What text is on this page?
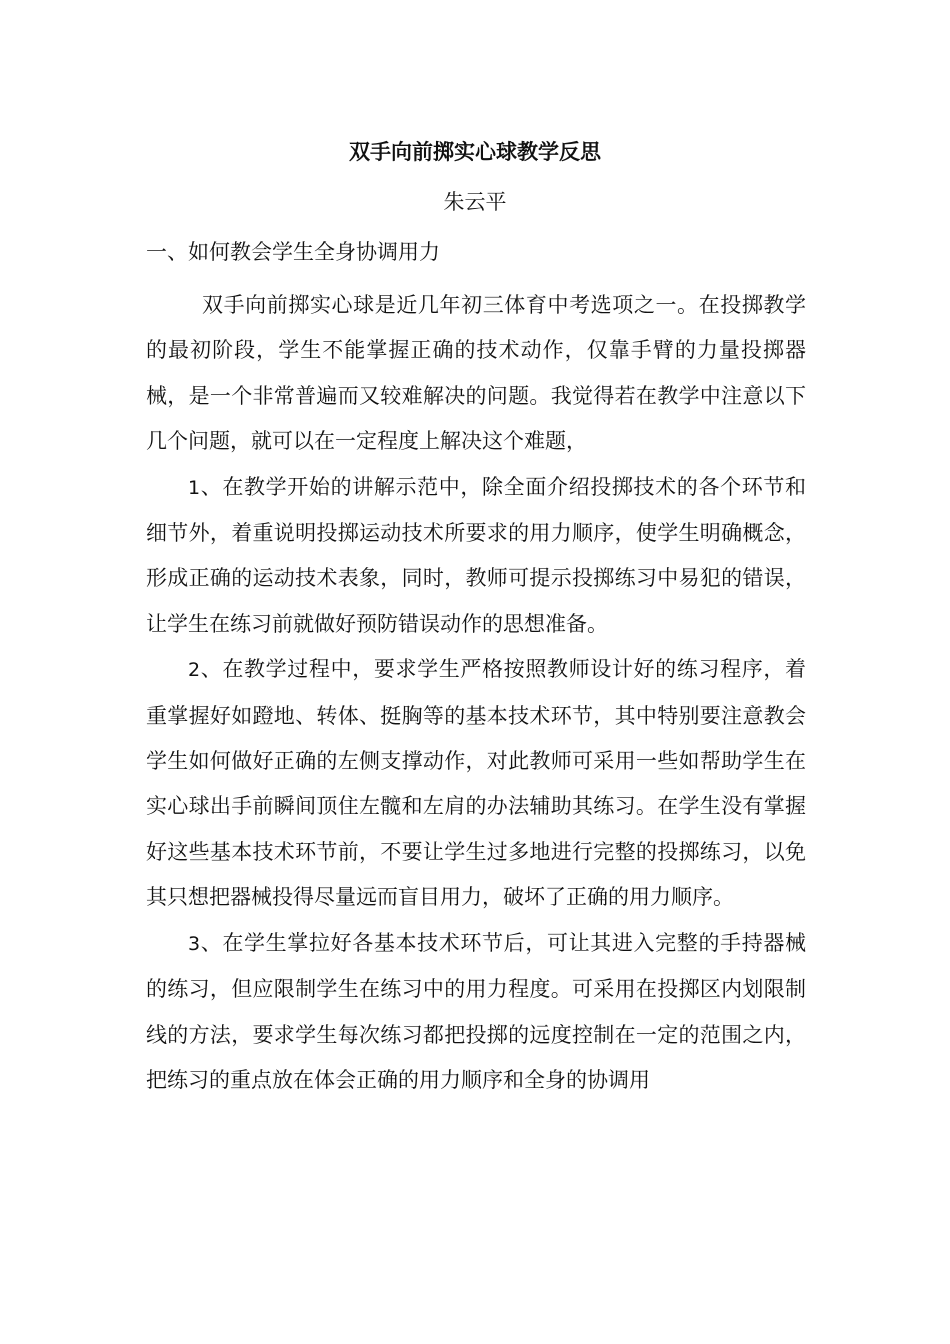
双手向前掷实心球教学反思

朱云平

一、如何教会学生全身协调用力

双手向前掷实心球是近几年初三体育中考选项之一。在投掷教学的最初阶段，学生不能掌握正确的技术动作，仅靠手臂的力量投掷器械，是一个非常普遍而又较难解决的问题。我觉得若在教学中注意以下几个问题，就可以在一定程度上解决这个难题，

1、在教学开始的讲解示范中，除全面介绍投掷技术的各个环节和细节外，着重说明投掷运动技术所要求的用力顺序，使学生明确概念，形成正确的运动技术表象，同时，教师可提示投掷练习中易犯的错误，让学生在练习前就做好预防错误动作的思想准备。

2、在教学过程中，要求学生严格按照教师设计好的练习程序，着重掌握好如蹬地、转体、挺胸等的基本技术环节，其中特别要注意教会学生如何做好正确的左侧支撑动作，对此教师可采用一些如帮助学生在实心球出手前瞬间顶住左髋和左肩的办法辅助其练习。在学生没有掌握好这些基本技术环节前，不要让学生过多地进行完整的投掷练习，以免其只想把器械投得尽量远而盲目用力，破坏了正确的用力顺序。

3、在学生掌拉好各基本技术环节后，可让其进入完整的手持器械的练习，但应限制学生在练习中的用力程度。可采用在投掷区内划限制线的方法，要求学生每次练习都把投掷的远度控制在一定的范围之内，把练习的重点放在体会正确的用力顺序和全身的协调用
